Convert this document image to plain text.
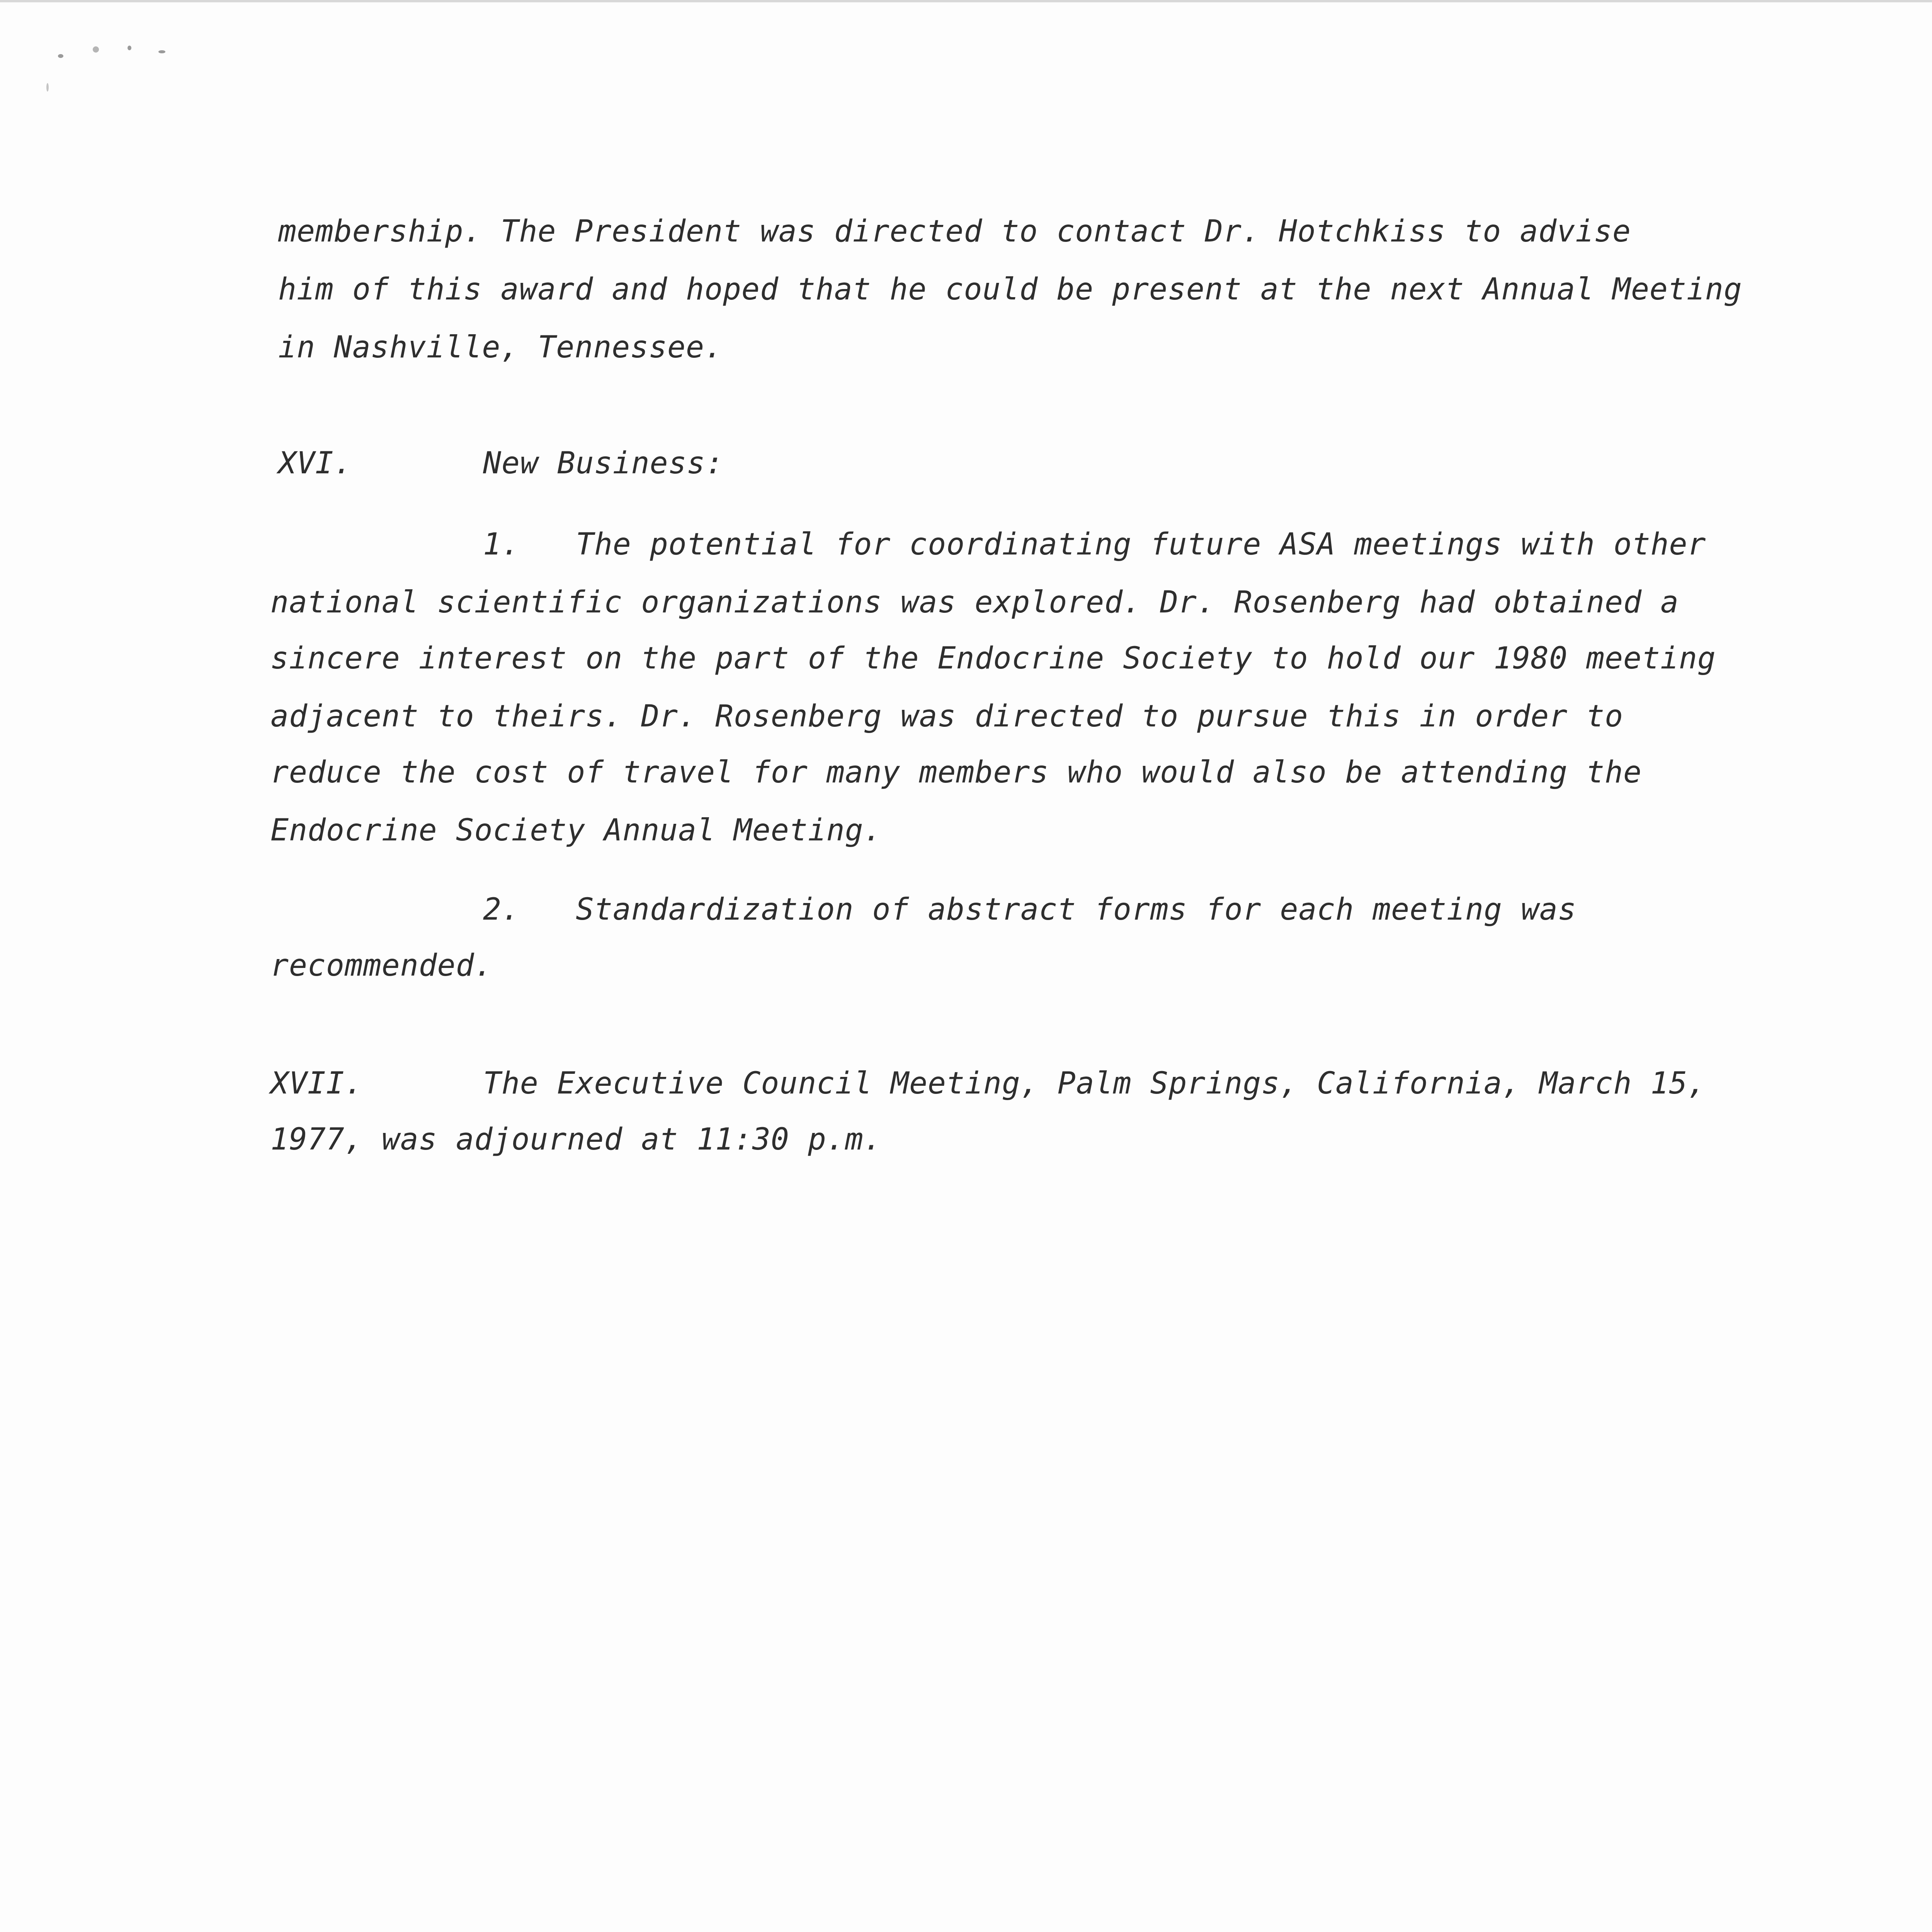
membership. The President was directed to contact Dr. Hotchkiss to advise
him of this award and hoped that he could be present at the next Annual Meeting
in Nashville, Tennessee.
XVI.	New Business:
1. The potential for coordinating future ASA meetings with other
national scientific organizations was explored. Dr. Rosenberg had obtained a
sincere interest on the part of the Endocrine Society to hold our 1980 meeting
adjacent to theirs. Dr. Rosenberg was directed to pursue this in order to
reduce the cost of travel for many members who would also be attending the
Endocrine Society Annual Meeting.
2. Standardization of abstract forms for each meeting was
recommended.
XVII.	The Executive Council Meeting, Palm Springs, California, March 15,
1977, was adjourned at 11:30 p.m.
